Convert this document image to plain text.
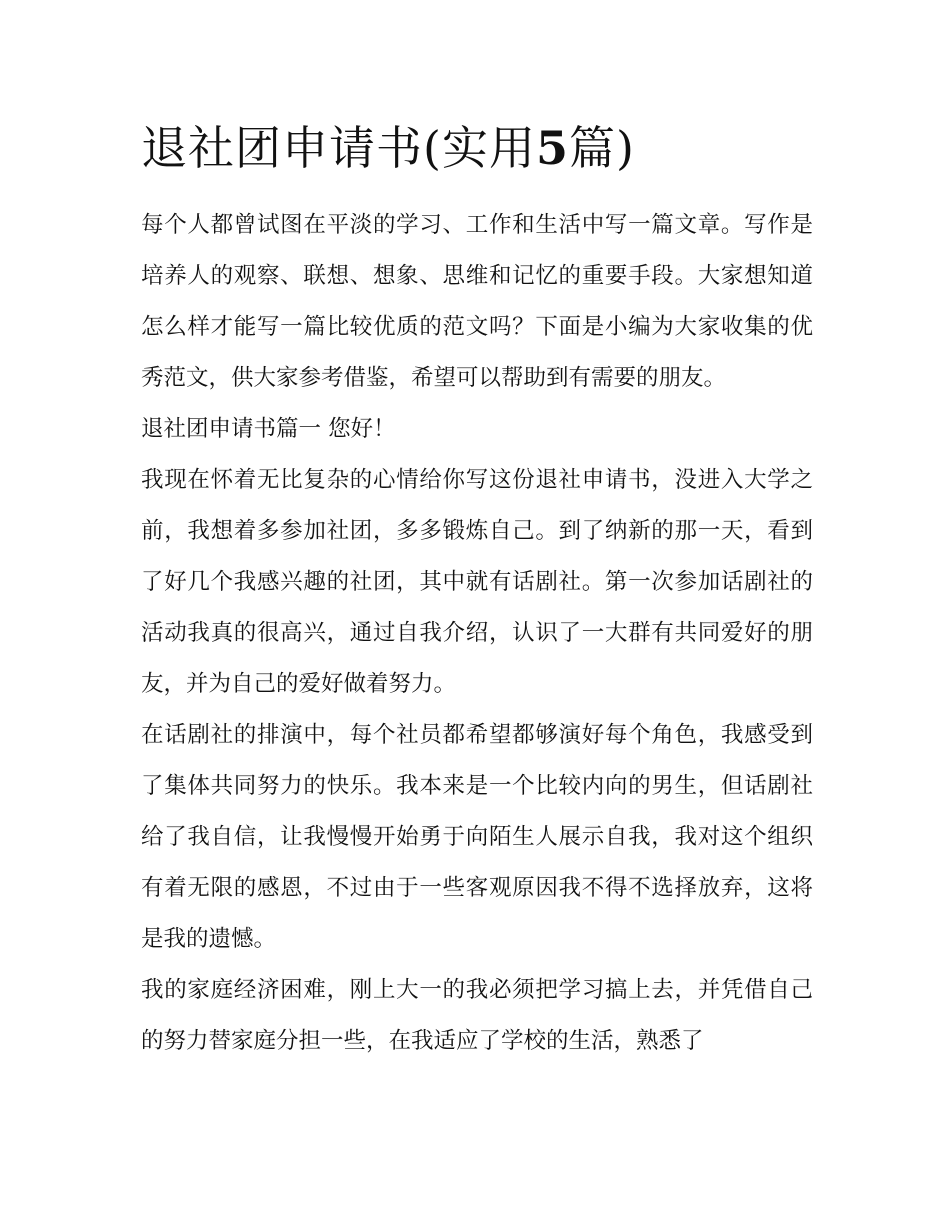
退社团申请书(实用5篇)

每个人都曾试图在平淡的学习、工作和生活中写一篇文章。写作是培养人的观察、联想、想象、思维和记忆的重要手段。大家想知道怎么样才能写一篇比较优质的范文吗？下面是小编为大家收集的优秀范文，供大家参考借鉴，希望可以帮助到有需要的朋友。

退社团申请书篇一 您好！

我现在怀着无比复杂的心情给你写这份退社申请书，没进入大学之前，我想着多参加社团，多多锻炼自己。到了纳新的那一天，看到了好几个我感兴趣的社团，其中就有话剧社。第一次参加话剧社的活动我真的很高兴，通过自我介绍，认识了一大群有共同爱好的朋友，并为自己的爱好做着努力。

在话剧社的排演中，每个社员都希望都够演好每个角色，我感受到了集体共同努力的快乐。我本来是一个比较内向的男生，但话剧社给了我自信，让我慢慢开始勇于向陌生人展示自我，我对这个组织有着无限的感恩，不过由于一些客观原因我不得不选择放弃，这将是我的遗憾。

我的家庭经济困难，刚上大一的我必须把学习搞上去，并凭借自己的努力替家庭分担一些，在我适应了学校的生活，熟悉了
